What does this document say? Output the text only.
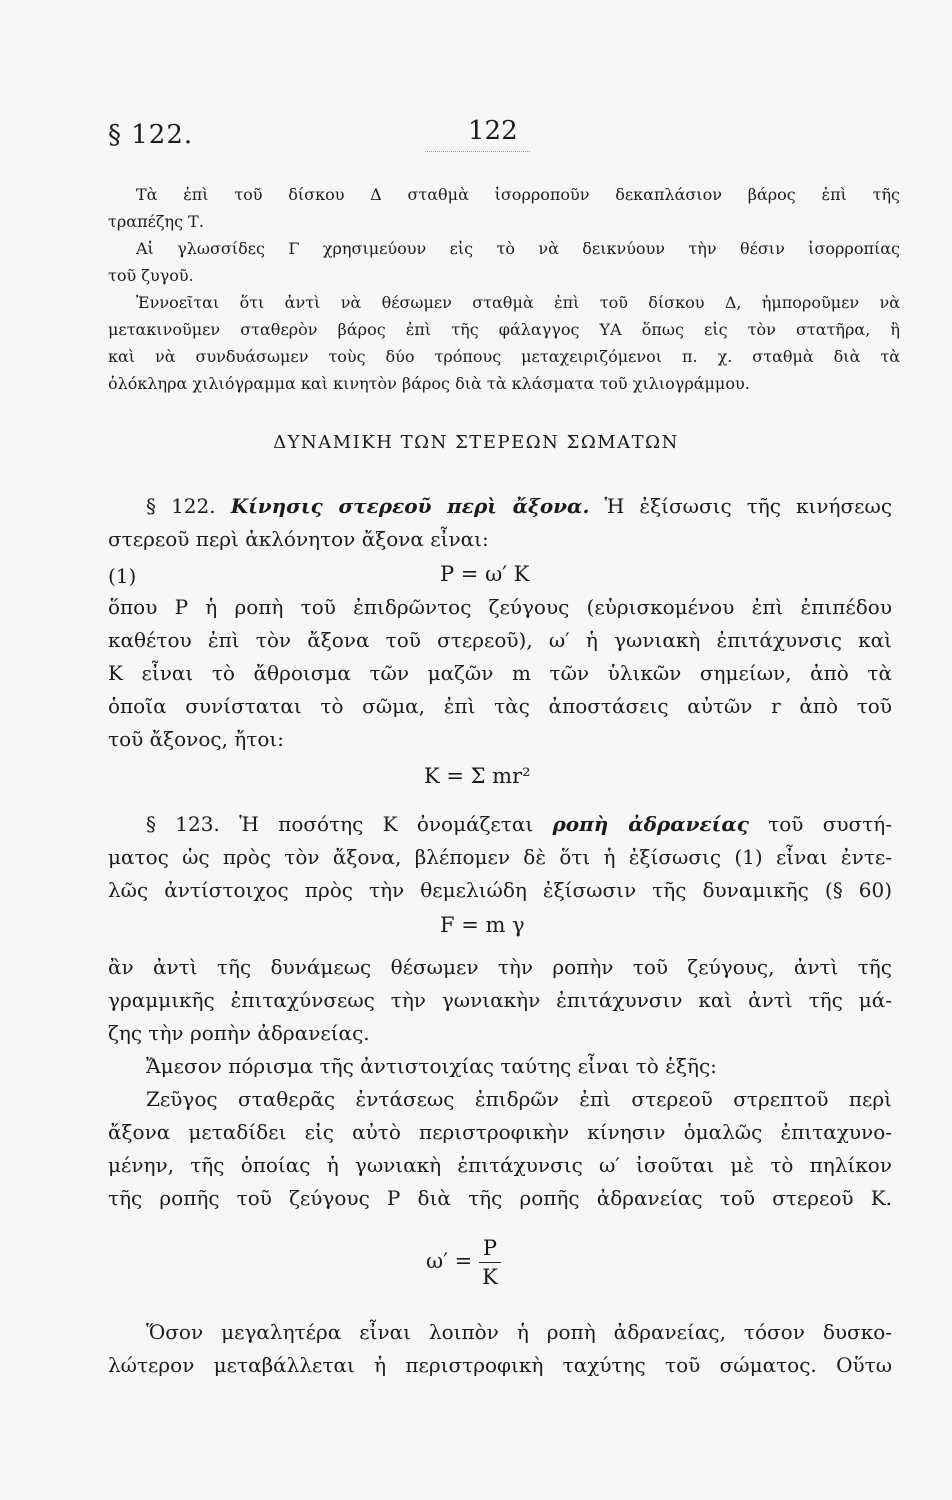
§ 122.	122

Τὰ ἐπὶ τοῦ δίσκου Δ σταθμὰ ἰσορροποῦν δεκαπλάσιον βάρος ἐπὶ τῆς

τραπέζης Τ.

Αἱ γλωσσίδες Γ χρησιμεύουν εἰς τὸ νὰ δεικνύουν τὴν θέσιν ἰσορροπίας

τοῦ ζυγοῦ.

Ἐννοεῖται ὅτι ἀντὶ νὰ θέσωμεν σταθμὰ ἐπὶ τοῦ δίσκου Δ, ἠμποροῦμεν νὰ

μετακινοῦμεν σταθερὸν βάρος ἐπὶ τῆς φάλαγγος ΥΑ ὅπως εἰς τὸν στατῆρα, ἢ

καὶ νὰ συνδυάσωμεν τοὺς δύο τρόπους μεταχειριζόμενοι π. χ. σταθμὰ διὰ τὰ

ὁλόκληρα χιλιόγραμμα καὶ κινητὸν βάρος διὰ τὰ κλάσματα τοῦ χιλιογράμμου.

ΔΥΝΑΜΙΚΗ ΤΩΝ ΣΤΕΡΕΩΝ ΣΩΜΑΤΩΝ

§ 122. Κίνησις στερεοῦ περὶ ἄξονα. Ἡ ἐξίσωσις τῆς κινήσεως

στερεοῦ περὶ ἀκλόνητον ἄξονα εἶναι:

(1)	P = ω′ K

ὅπου P ἡ ροπὴ τοῦ ἐπιδρῶντος ζεύγους (εὑρισκομένου ἐπὶ ἐπιπέδου

καθέτου ἐπὶ τὸν ἄξονα τοῦ στερεοῦ), ω′ ἡ γωνιακὴ ἐπιτάχυνσις καὶ

K εἶναι τὸ ἄθροισμα τῶν μαζῶν m τῶν ὑλικῶν σημείων, ἀπὸ τὰ

ὁποῖα συνίσταται τὸ σῶμα, ἐπὶ τὰς ἀποστάσεις αὐτῶν r ἀπὸ τοῦ

τοῦ ἄξονος, ἤτοι:

K = Σ mr²

§ 123. Ἡ ποσότης K ὀνομάζεται ροπὴ ἀδρανείας τοῦ συστή-

ματος ὡς πρὸς τὸν ἄξονα, βλέπομεν δὲ ὅτι ἡ ἐξίσωσις (1) εἶναι ἐντε-

λῶς ἀντίστοιχος πρὸς τὴν θεμελιώδη ἐξίσωσιν τῆς δυναμικῆς (§ 60)

F = m γ

ἂν ἀντὶ τῆς δυνάμεως θέσωμεν τὴν ροπὴν τοῦ ζεύγους, ἀντὶ τῆς

γραμμικῆς ἐπιταχύνσεως τὴν γωνιακὴν ἐπιτάχυνσιν καὶ ἀντὶ τῆς μά-

ζης τὴν ροπὴν ἀδρανείας.

Ἄμεσον πόρισμα τῆς ἀντιστοιχίας ταύτης εἶναι τὸ ἑξῆς:

Ζεῦγος σταθερᾶς ἐντάσεως ἐπιδρῶν ἐπὶ στερεοῦ στρεπτοῦ περὶ

ἄξονα μεταδίδει εἰς αὐτὸ περιστροφικὴν κίνησιν ὁμαλῶς ἐπιταχυνο-

μένην, τῆς ὁποίας ἡ γωνιακὴ ἐπιτάχυνσις ω′ ἰσοῦται μὲ τὸ πηλίκον

τῆς ροπῆς τοῦ ζεύγους P διὰ τῆς ροπῆς ἀδρανείας τοῦ στερεοῦ K.

$\omega' = \frac{P}{K}$

Ὅσον μεγαλητέρα εἶναι λοιπὸν ἡ ροπὴ ἀδρανείας, τόσον δυσκο-

λώτερον μεταβάλλεται ἡ περιστροφικὴ ταχύτης τοῦ σώματος. Οὕτω
